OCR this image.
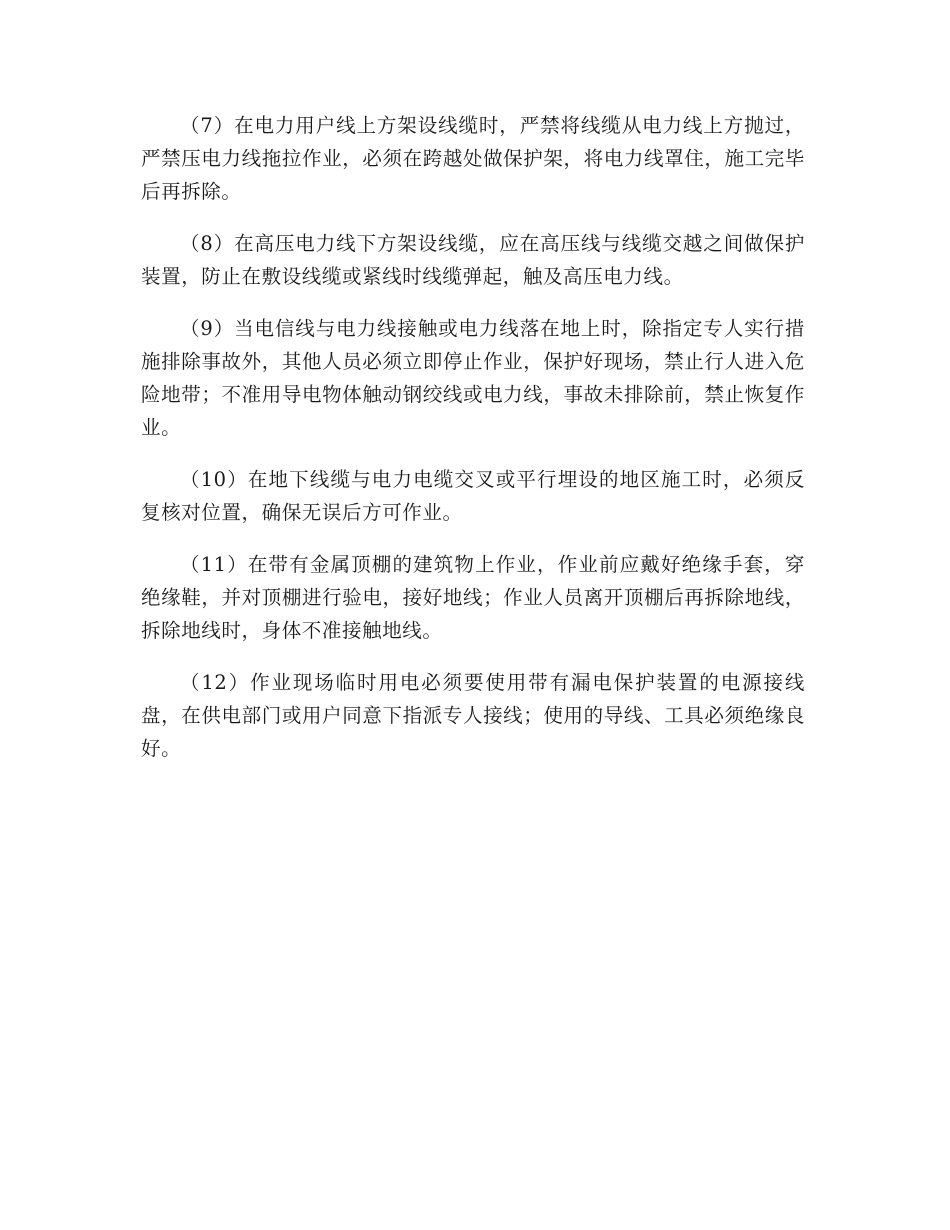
（7）在电力用户线上方架设线缆时，严禁将线缆从电力线上方抛过，严禁压电力线拖拉作业，必须在跨越处做保护架，将电力线罩住，施工完毕后再拆除。

（8）在高压电力线下方架设线缆，应在高压线与线缆交越之间做保护装置，防止在敷设线缆或紧线时线缆弹起，触及高压电力线。

（9）当电信线与电力线接触或电力线落在地上时，除指定专人实行措施排除事故外，其他人员必须立即停止作业，保护好现场，禁止行人进入危险地带；不准用导电物体触动钢绞线或电力线，事故未排除前，禁止恢复作业。

（10）在地下线缆与电力电缆交叉或平行埋设的地区施工时，必须反复核对位置，确保无误后方可作业。

（11）在带有金属顶棚的建筑物上作业，作业前应戴好绝缘手套，穿绝缘鞋，并对顶棚进行验电，接好地线；作业人员离开顶棚后再拆除地线，拆除地线时，身体不准接触地线。

（12）作业现场临时用电必须要使用带有漏电保护装置的电源接线盘，在供电部门或用户同意下指派专人接线；使用的导线、工具必须绝缘良好。
